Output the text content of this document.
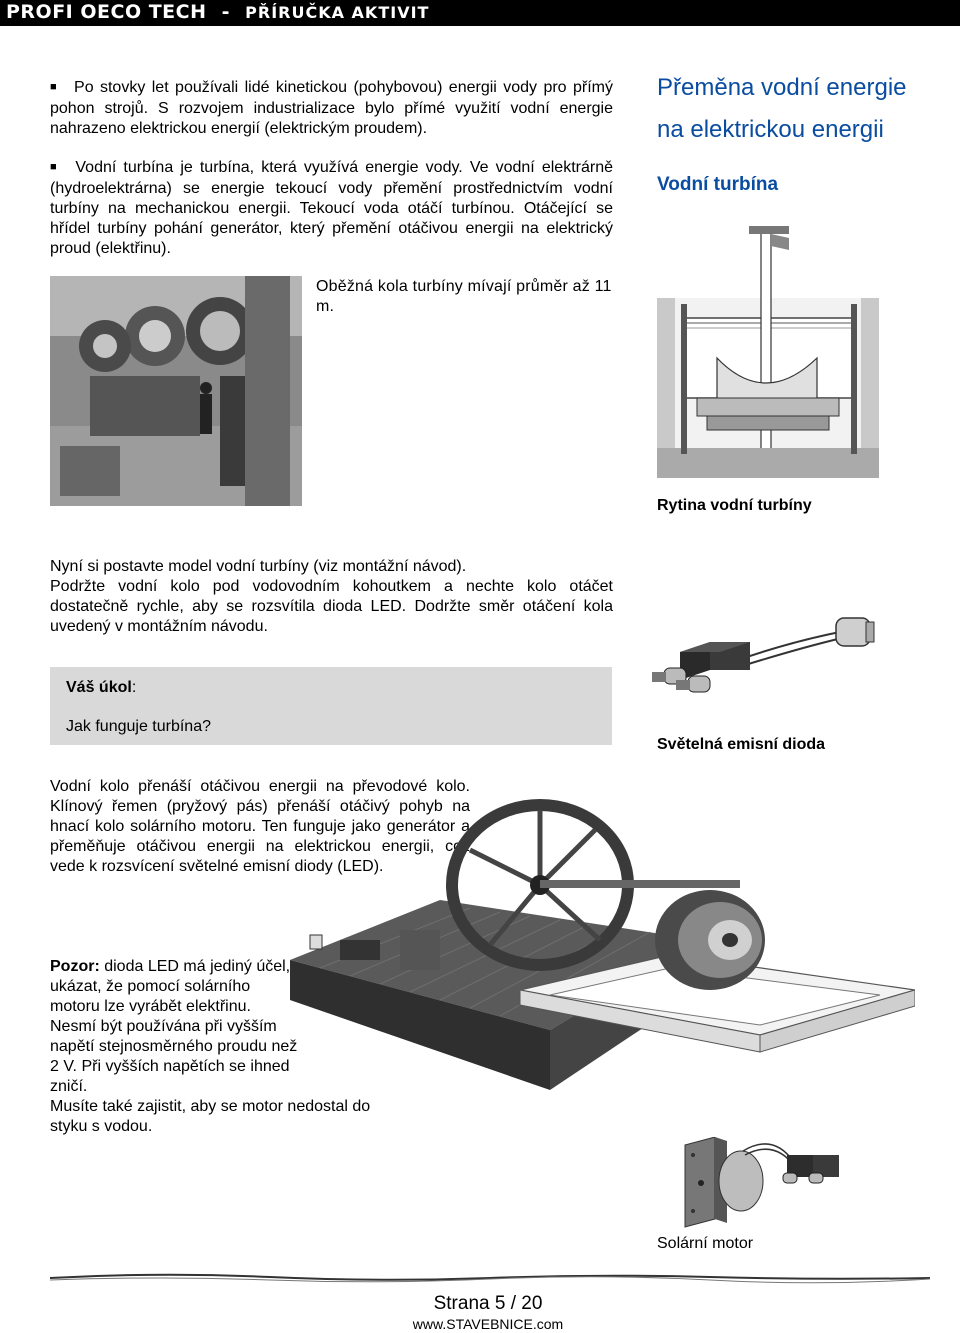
PROFI OECO TECH - PŘÍRUČKA AKTIVIT
■ Po stovky let používali lidé kinetickou (pohybovou) energii vody pro přímý pohon strojů. S rozvojem industrializace bylo přímé využití vodní energie nahrazeno elektrickou energií (elektrickým proudem).
■ Vodní turbína je turbína, která využívá energie vody. Ve vodní elektrárně (hydroelektrárna) se energie tekoucí vody přemění prostřednictvím vodní turbíny na mechanickou energii. Tekoucí voda otáčí turbínou. Otáčející se hřídel turbíny pohání generátor, který přemění otáčivou energii na elektrický proud (elektřinu).
Přeměna vodní energie
na elektrickou energii
Vodní turbína
Oběžná kola turbíny mívají průměr až 11 m.
Rytina vodní turbíny
Nyní si postavte model vodní turbíny (viz montážní návod).
Podržte vodní kolo pod vodovodním kohoutkem a nechte kolo otáčet dostatečně rychle, aby se rozsvítila dioda LED. Dodržte směr otáčení kola uvedený v montážním návodu.
Váš úkol:
Jak funguje turbína?
Světelná emisní dioda
Vodní kolo přenáší otáčivou energii na převodové kolo. Klínový řemen (pryžový pás) přenáší otáčivý pohyb na hnací kolo solárního motoru. Ten funguje jako generátor a přeměňuje otáčivou energii na elektrickou energii, což vede k rozsvícení světelné emisní diody (LED).
Pozor: dioda LED má jediný účel, ukázat, že pomocí solárního motoru lze vyrábět elektřinu. Nesmí být používána při vyšším napětí stejnosměrného proudu než 2 V. Při vyšších napětích se ihned zničí.
Musíte také zajistit, aby se motor nedostal do styku s vodou.
Solární motor
Strana 5 / 20
www.STAVEBNICE.com
